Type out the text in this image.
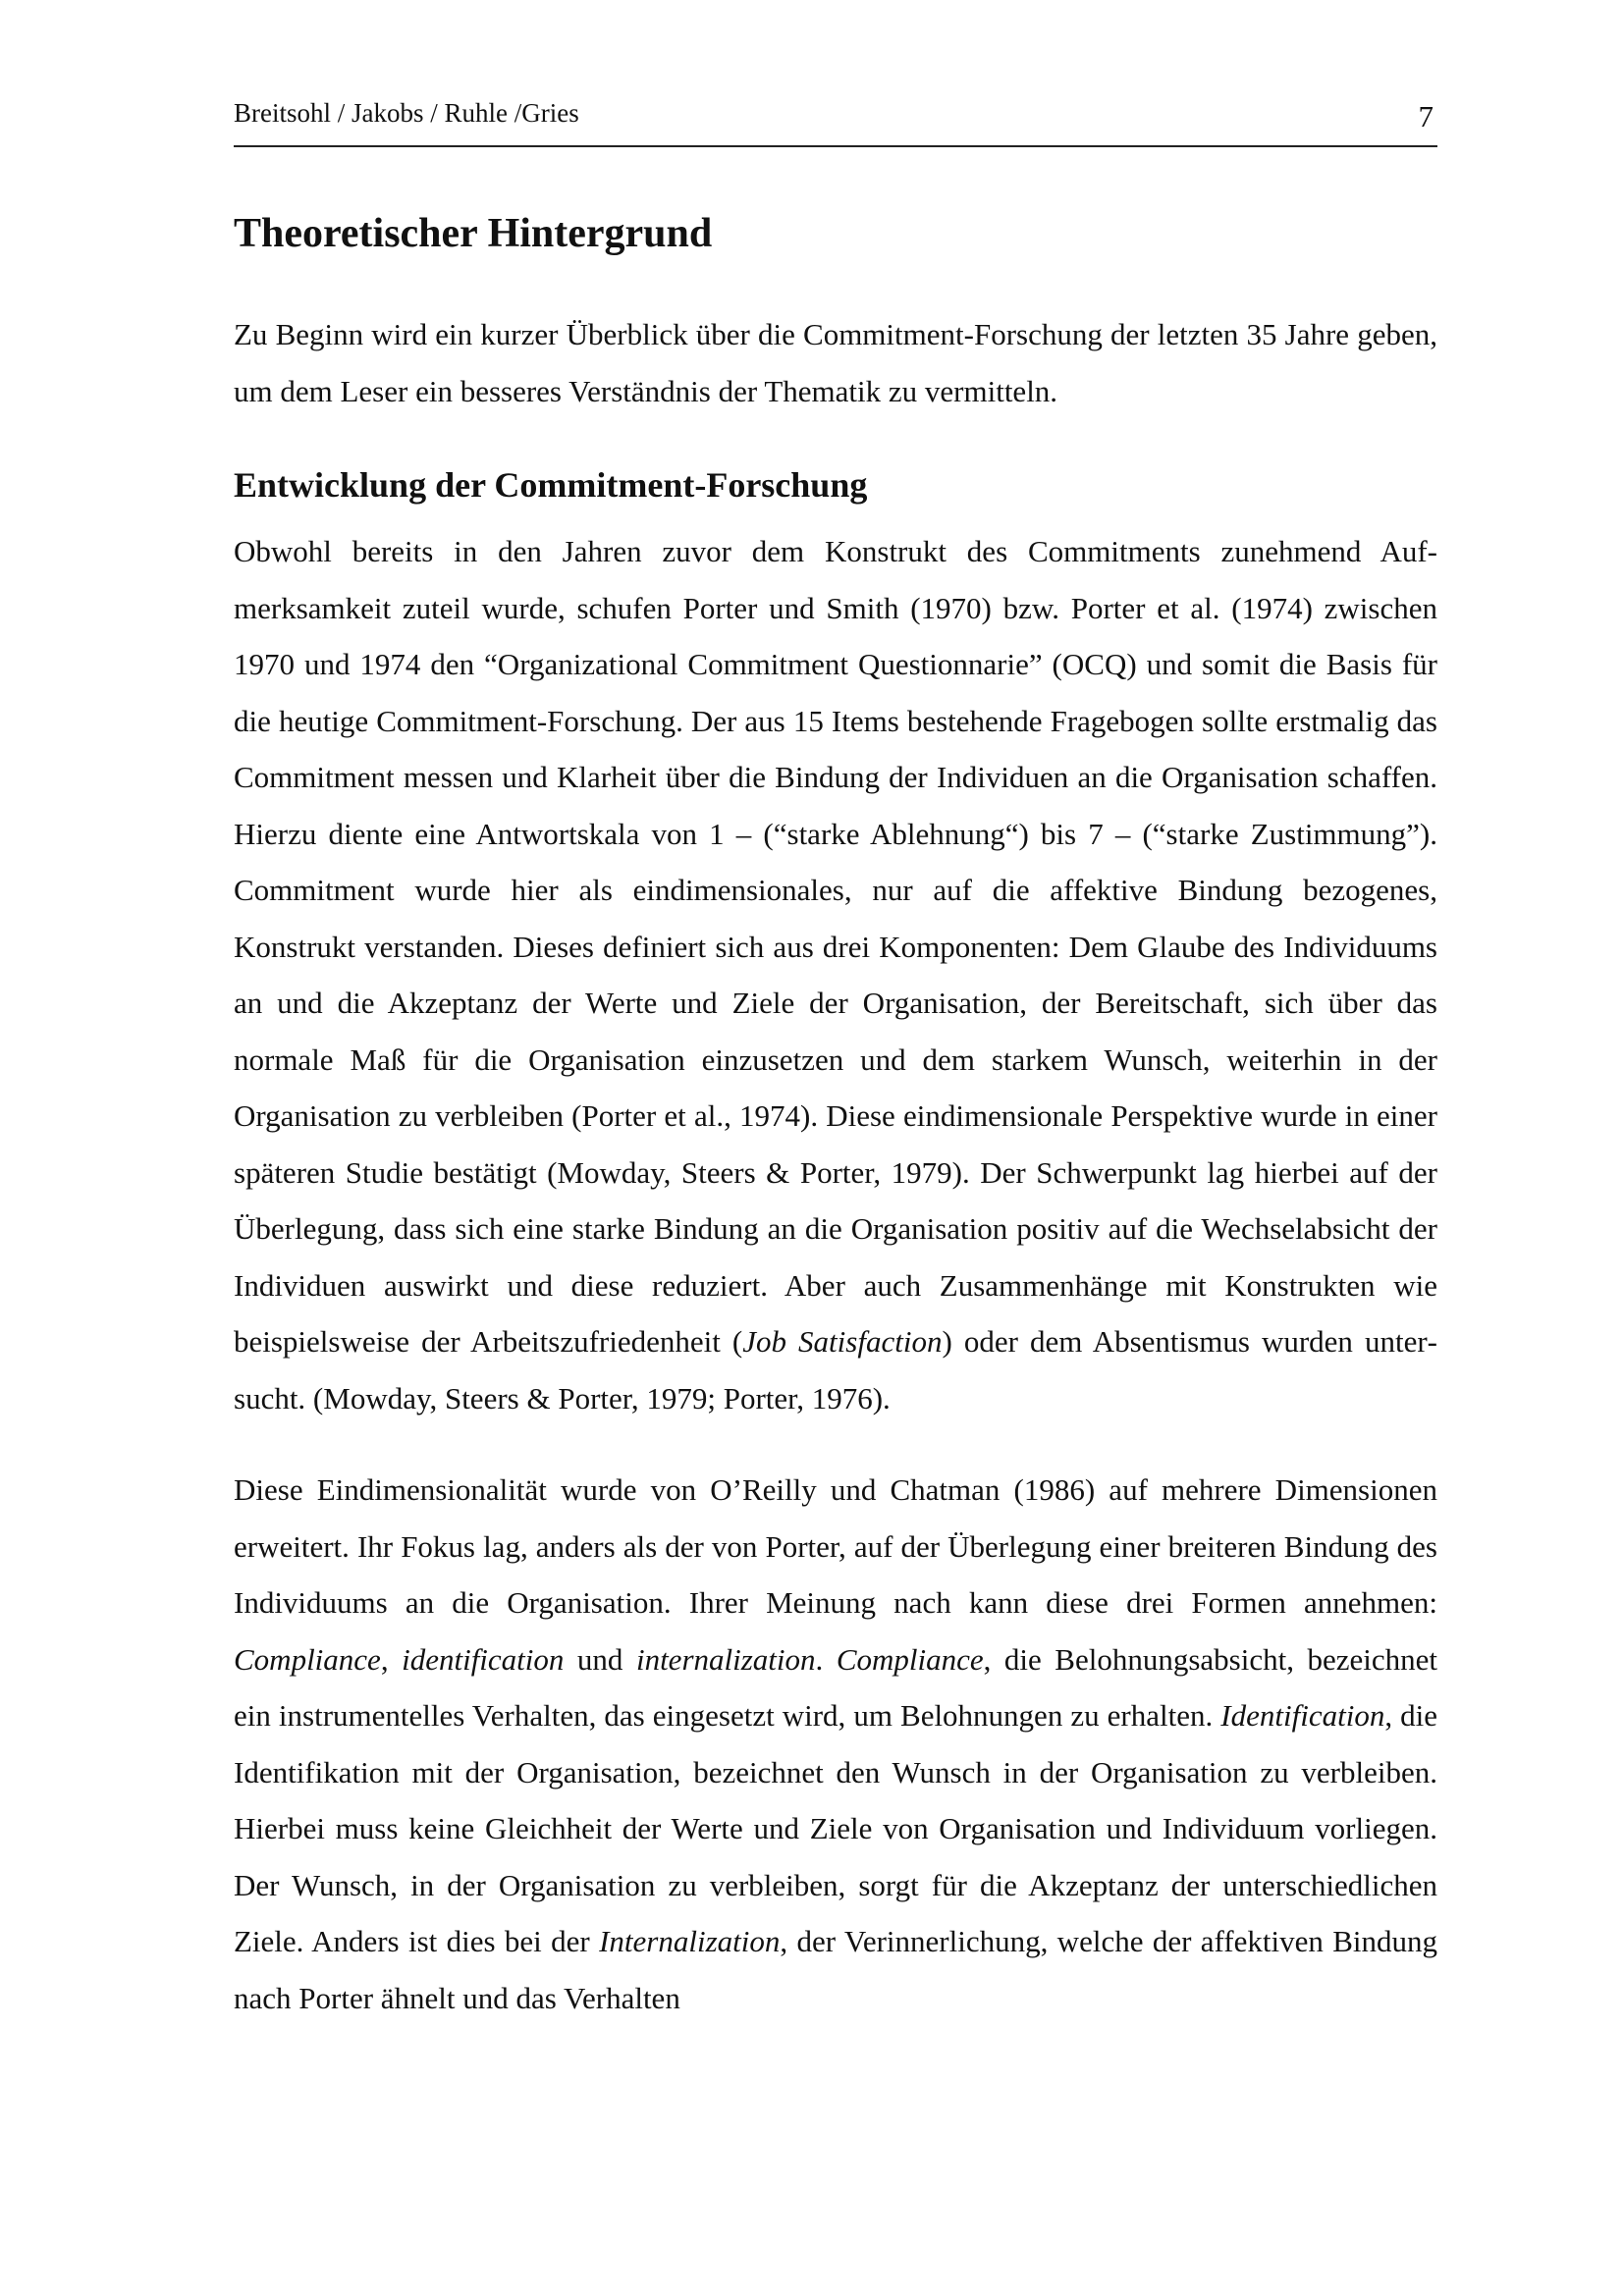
Breitsohl / Jakobs / Ruhle /Gries	7
Theoretischer Hintergrund

Zu Beginn wird ein kurzer Überblick über die Commitment-Forschung der letzten 35 Jahre geben, um dem Leser ein besseres Verständnis der Thematik zu vermitteln.

Entwicklung der Commitment-Forschung

Obwohl bereits in den Jahren zuvor dem Konstrukt des Commitments zunehmend Aufmerksamkeit zuteil wurde, schufen Porter und Smith (1970) bzw. Porter et al. (1974) zwischen 1970 und 1974 den “Organizational Commitment Questionnarie” (OCQ) und somit die Basis für die heutige Commitment-Forschung. Der aus 15 Items bestehende Fragebogen sollte erstmalig das Commitment messen und Klarheit über die Bindung der Individuen an die Organisation schaffen. Hierzu diente eine Antwortskala von 1 – (“starke Ablehnung“) bis 7 – (“starke Zustimmung”). Commitment wurde hier als eindimensionales, nur auf die affektive Bindung bezogenes, Konstrukt verstanden. Dieses definiert sich aus drei Komponenten: Dem Glaube des Individuums an und die Akzeptanz der Werte und Ziele der Organisation, der Bereitschaft, sich über das normale Maß für die Organisation einzusetzen und dem starkem Wunsch, weiterhin in der Organisation zu verbleiben (Porter et al., 1974). Diese eindimensionale Perspektive wurde in einer späteren Studie bestätigt (Mowday, Steers & Porter, 1979). Der Schwerpunkt lag hierbei auf der Überlegung, dass sich eine starke Bindung an die Organisation positiv auf die Wechselabsicht der Individuen auswirkt und diese reduziert. Aber auch Zusammenhänge mit Konstrukten wie beispielsweise der Arbeitszufriedenheit (Job Satisfaction) oder dem Absentismus wurden untersucht. (Mowday, Steers & Porter, 1979; Porter, 1976).

Diese Eindimensionalität wurde von O’Reilly und Chatman (1986) auf mehrere Dimensionen erweitert. Ihr Fokus lag, anders als der von Porter, auf der Überlegung einer breiteren Bindung des Individuums an die Organisation. Ihrer Meinung nach kann diese drei Formen annehmen: Compliance, identification und internalization. Compliance, die Belohnungsabsicht, bezeichnet ein instrumentelles Verhalten, das eingesetzt wird, um Belohnungen zu erhalten. Identification, die Identifikation mit der Organisation, bezeichnet den Wunsch in der Organisation zu verbleiben. Hierbei muss keine Gleichheit der Werte und Ziele von Organisation und Individuum vorliegen. Der Wunsch, in der Organisation zu verbleiben, sorgt für die Akzeptanz der unterschiedlichen Ziele. Anders ist dies bei der Internalization, der Verinnerlichung, welche der affektiven Bindung nach Porter ähnelt und das Verhalten
